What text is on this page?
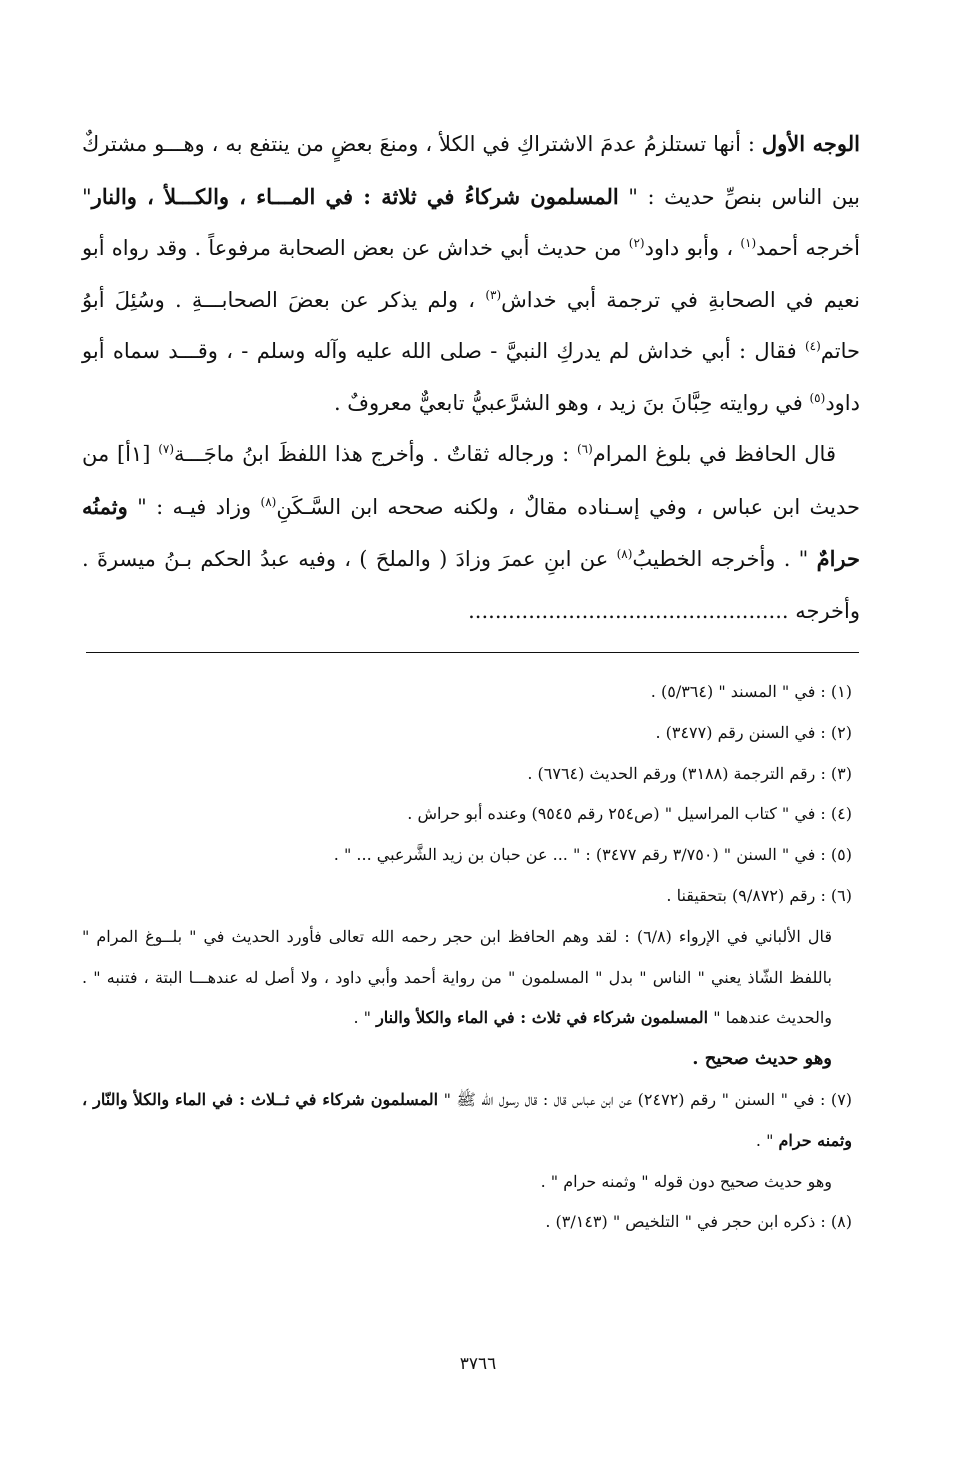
الوجه الأول : أنها تستلزمُ عدمَ الاشتراكِ في الكلأ ، ومنعَ بعضٍ من ينتفع به ، وهـــو مشتركٌ بين الناس بنصِّ حديث : " المسلمون شركاءُ في ثلاثة : في المـــاء ، والكـــلأ ، والنار" أخرجه أحمد$^{(١)}$ ، وأبو داود$^{(٢)}$ من حديث أبي خداش عن بعض الصحابة مرفوعاً . وقد رواه أبو نعيم في الصحابةِ في ترجمة أبي خداش$^{(٣)}$ ، ولم يذكر عن بعضَ الصحابـــةِ . وسُئِلَ أبوُ حاتم$^{(٤)}$ فقال : أبي خداش لم يدركِ النبيَّ - صلى الله عليه وآله وسلم - ، وقـــد سماه أبو داود$^{(٥)}$ في روايته حِبَّانَ بنَ زيد ، وهو الشرَّعبيُّ تابعيٌّ معروفٌ .

قال الحافظ في بلوغ المرام$^{(٦)}$ : ورجاله ثقاتٌ . وأخرج هذا اللفظَ ابنُ ماجَـــة$^{(٧)}$ [١أ] من حديث ابن عباس ، وفي إسـناده مقالٌ ، ولكنه صححه ابن السَّـكَنِ$^{(٨)}$ وزاد فيـه : " وثمنُه حرامٌ " . وأخرجه الخطيبُ$^{(٨)}$ عن ابنِ عمرَ وزادَ ( والملحَ ) ، وفيه عبدُ الحكم بـنُ ميسرةَ . وأخرجه ................................................

(١) : في " المسند " (٥/٣٦٤) .

(٢) : في السنن رقم (٣٤٧٧) .

(٣) : رقم الترجمة (٣١٨٨) ورقم الحديث (٦٧٦٤) .

(٤) : في " كتاب المراسيل " (ص٢٥٤ رقم ٩٥٤٥) وعنده أبو حراش .

(٥) : في " السنن " (٣/٧٥٠ رقم ٣٤٧٧) : " ... عن حبان بن زيد الشَّرعبي ... " .

(٦) : رقم (٩/٨٧٢) بتحقيقنا .

قال الألباني في الإرواء (٦/٨) : لقد وهم الحافظ ابن حجر رحمه الله تعالى فأورد الحديث في " بلــوغ المرام " باللفظ الشّاذ يعني " الناس " بدل " المسلمون " من رواية أحمد وأبي داود ، ولا أصل له عندهـــا البتة ، فتنبه " . والحديث عندهما " المسلمون شركاء في ثلاث : في الماء والكلأ والنار " .

وهو حديث صحيح .

(٧) : في " السنن " رقم (٢٤٧٢) عن ابن عباس قال : قال رسول الله ﷺ " المسلمون شركاء في ثــلاث : في الماء والكلأ والنّار ، وثمنه حرام " .

وهو حديث صحيح دون قوله " وثمنه حرام " .

(٨) : ذكره ابن حجر في " التلخيص " (٣/١٤٣) .

٣٧٦٦
